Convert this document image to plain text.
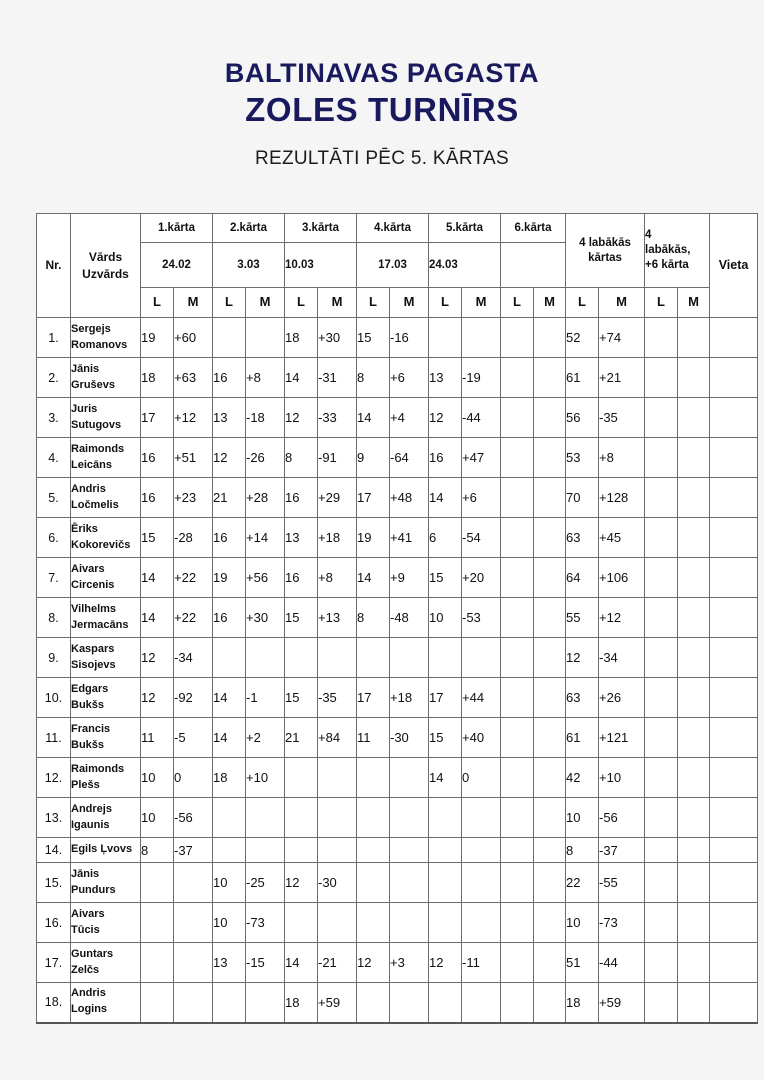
BALTINAVAS PAGASTA
ZOLES TURNĪRS
REZULTĀTI PĒC 5. KĀRTAS
Nr.	Vārds
Uzvārds	1.kārta		2.kārta		3.kārta		4.kārta		5.kārta		6.kārta		4 labākās kārtas		4
labākās,
+6 kārta		Vieta
		24.02		3.03		10.03		17.03		24.03								
		L	M	L	M	L	M	L	M	L	M	L	M	L	M	L	M	
1.	Sergejs
Romanovs	19	+60			18	+30	15	-16					52	+74			
2.	Jānis
Gruševs	18	+63	16	+8	14	-31	8	+6	13	-19			61	+21			
3.	Juris
Sutugovs	17	+12	13	-18	12	-33	14	+4	12	-44			56	-35			
4.	Raimonds
Leicāns	16	+51	12	-26	8	-91	9	-64	16	+47			53	+8			
5.	Andris
Ločmelis	16	+23	21	+28	16	+29	17	+48	14	+6			70	+128			
6.	Ēriks
Kokorevičs	15	-28	16	+14	13	+18	19	+41	6	-54			63	+45			
7.	Aivars
Circenis	14	+22	19	+56	16	+8	14	+9	15	+20			64	+106			
8.	Vilhelms
Jermacāns	14	+22	16	+30	15	+13	8	-48	10	-53			55	+12			
9.	Kaspars
Sisojevs	12	-34											12	-34			
10.	Edgars
Bukšs	12	-92	14	-1	15	-35	17	+18	17	+44			63	+26			
11.	Francis
Bukšs	11	-5	14	+2	21	+84	11	-30	15	+40			61	+121			
12.	Raimonds
Plešs	10	0	18	+10					14	0			42	+10			
13.	Andrejs
Igaunis	10	-56											10	-56			
14.	Egils Ļvovs	8	-37											8	-37			
15.	Jānis
Pundurs			10	-25	12	-30							22	-55			
16.	Aivars
Tūcis			10	-73									10	-73			
17.	Guntars
Zelčs			13	-15	14	-21	12	+3	12	-11			51	-44			
18.	Andris
Logins					18	+59							18	+59			
